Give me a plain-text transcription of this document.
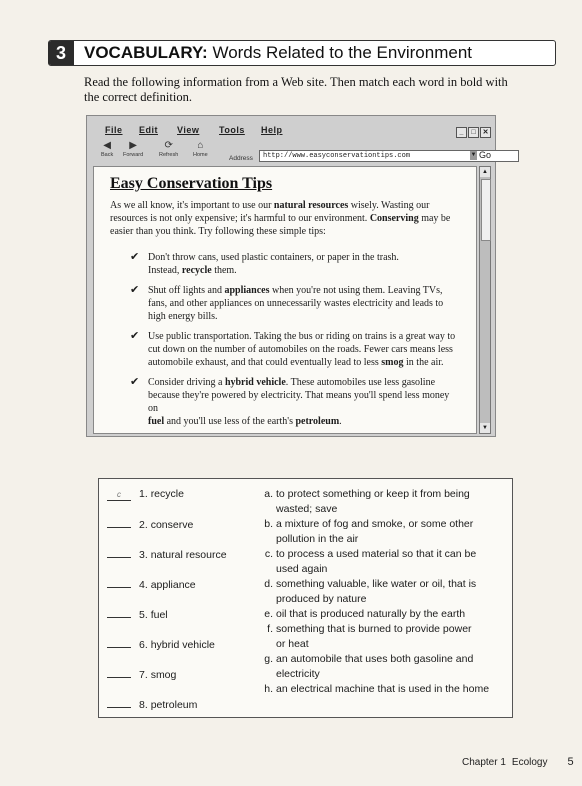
3	VOCABULARY: Words Related to the Environment
Read the following information from a Web site. Then match each word in bold with the correct definition.
File Edit View Tools Help	_	□ ✕
◀
Back
▶
Forward
⟳
Refresh
⌂
Home	Address	http://www.easyconservationtips.com	▼ Go
Easy Conservation Tips
As we all know, it's important to use our natural resources wisely. Wasting our resources is not only expensive; it's harmful to our environment. Conserving may be easier than you think. Try following these simple tips:
✔ Don't throw cans, used plastic containers, or paper in the trash.
Instead, recycle them.
✔ Shut off lights and appliances when you're not using them. Leaving TVs,
fans, and other appliances on unnecessarily wastes electricity and leads to
high energy bills.
✔ Use public transportation. Taking the bus or riding on trains is a great way to
cut down on the number of automobiles on the roads. Fewer cars means less
automobile exhaust, and that could eventually lead to less smog in the air.
✔ Consider driving a hybrid vehicle. These automobiles use less gasoline
because they're powered by electricity. That means you'll spend less money on
fuel and you'll use less of the earth's petroleum.
▲
▼
c	1.
recycle
2.
conserve
3.
natural resource
4.
appliance
5.
fuel
6.
hybrid vehicle
7.
smog
8.
petroleum
a. to protect something or keep it from being
wasted; save
b. a mixture of fog and smoke, or some other
pollution in the air
c. to process a used material so that it can be
used again
d. something valuable, like water or oil, that is
produced by nature
e. oil that is produced naturally by the earth
f. something that is burned to provide power
or heat
g. an automobile that uses both gasoline and
electricity
h. an electrical machine that is used in the home
Chapter 1 Ecology 5
